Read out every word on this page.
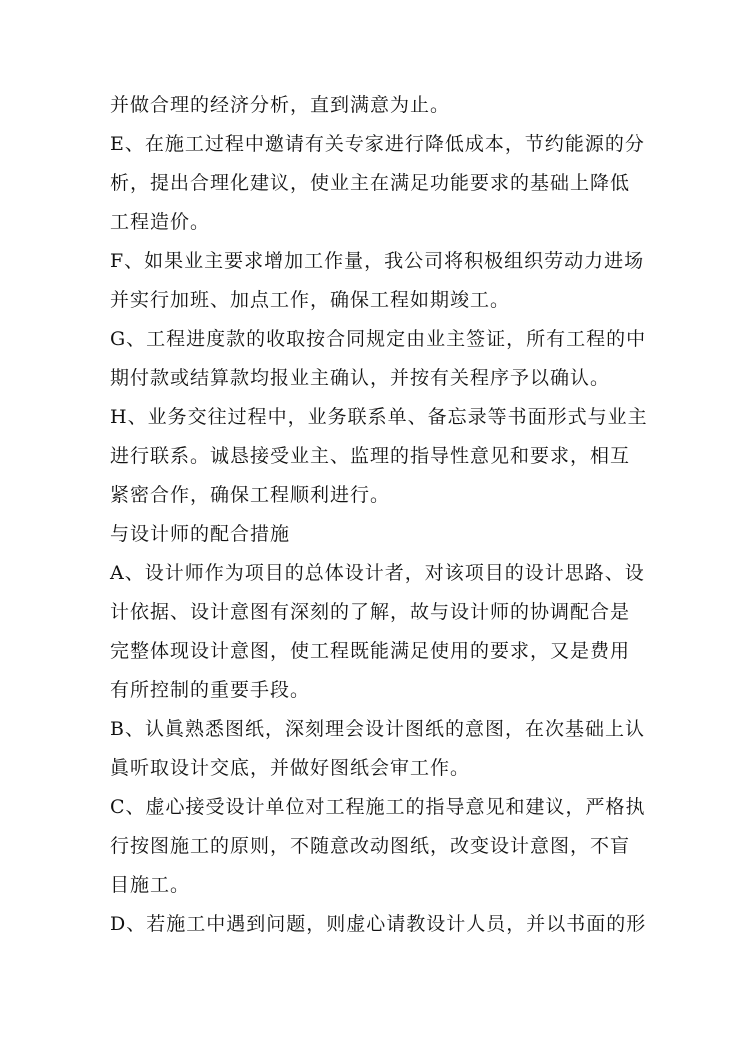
并做合理的经济分析，直到满意为止。
E、在施工过程中邀请有关专家进行降低成本，节约能源的分
析，提出合理化建议，使业主在满足功能要求的基础上降低
工程造价。
F、如果业主要求增加工作量，我公司将积极组织劳动力进场
并实行加班、加点工作，确保工程如期竣工。
G、工程进度款的收取按合同规定由业主签证，所有工程的中
期付款或结算款均报业主确认，并按有关程序予以确认。
H、业务交往过程中，业务联系单、备忘录等书面形式与业主
进行联系。诚恳接受业主、监理的指导性意见和要求，相互
紧密合作，确保工程顺利进行。
与设计师的配合措施
A、设计师作为项目的总体设计者，对该项目的设计思路、设
计依据、设计意图有深刻的了解，故与设计师的协调配合是
完整体现设计意图，使工程既能满足使用的要求，又是费用
有所控制的重要手段。
B、认眞熟悉图纸，深刻理会设计图纸的意图，在次基础上认
眞听取设计交底，并做好图纸会审工作。
C、虚心接受设计单位对工程施工的指导意见和建议，严格执
行按图施工的原则，不随意改动图纸，改变设计意图，不盲
目施工。
D、若施工中遇到问题，则虚心请教设计人员，并以书面的形
